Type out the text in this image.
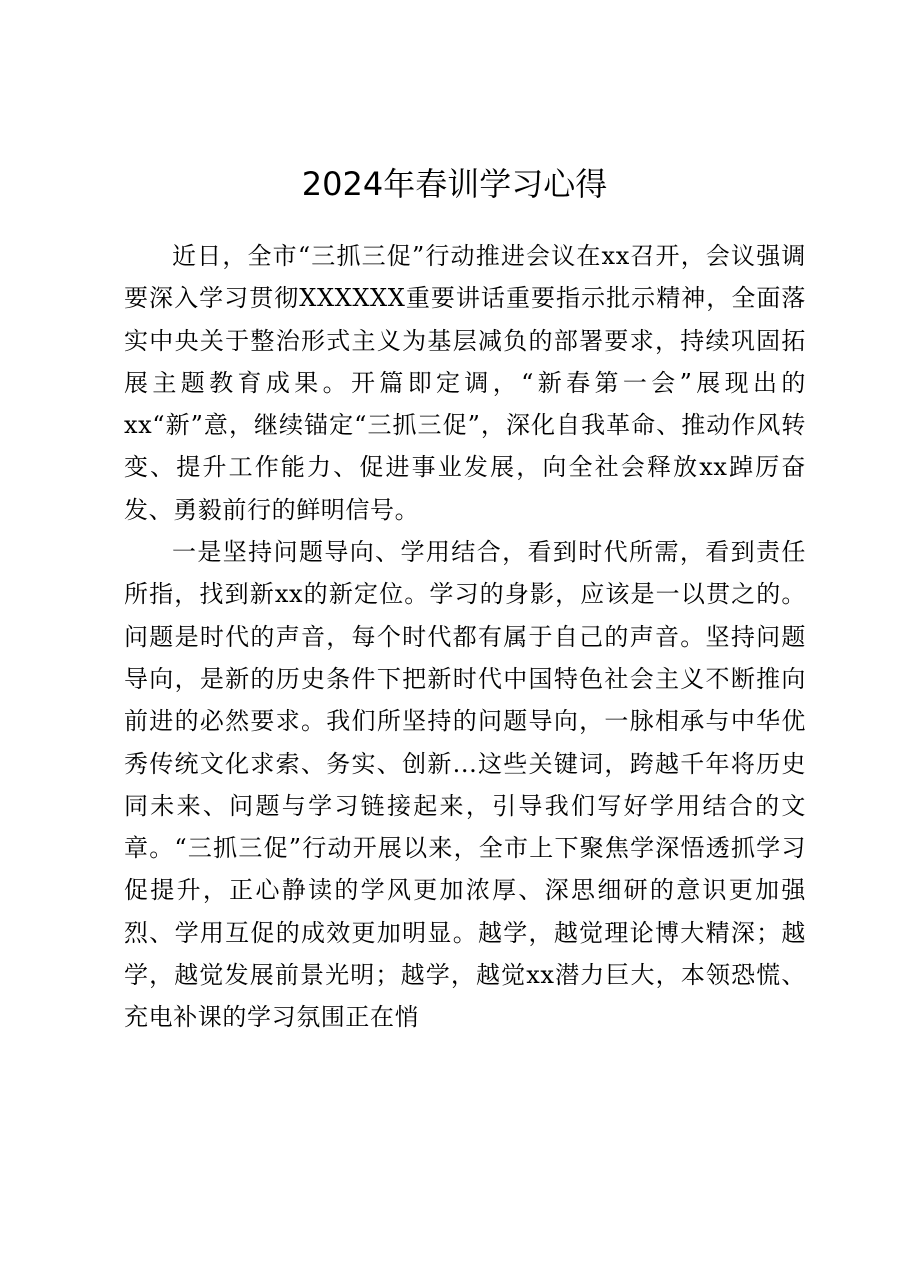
2024年春训学习心得

近日，全市“三抓三促”行动推进会议在xx召开，会议强调要深入学习贯彻XXXXXX重要讲话重要指示批示精神，全面落实中央关于整治形式主义为基层减负的部署要求，持续巩固拓展主题教育成果。开篇即定调，“新春第一会”展现出的xx“新”意，继续锚定“三抓三促”，深化自我革命、推动作风转变、提升工作能力、促进事业发展，向全社会释放xx踔厉奋发、勇毅前行的鲜明信号。

一是坚持问题导向、学用结合，看到时代所需，看到责任所指，找到新xx的新定位。学习的身影，应该是一以贯之的。问题是时代的声音，每个时代都有属于自己的声音。坚持问题导向，是新的历史条件下把新时代中国特色社会主义不断推向前进的必然要求。我们所坚持的问题导向，一脉相承与中华优秀传统文化求索、务实、创新...这些关键词，跨越千年将历史同未来、问题与学习链接起来，引导我们写好学用结合的文章。“三抓三促”行动开展以来，全市上下聚焦学深悟透抓学习促提升，正心静读的学风更加浓厚、深思细研的意识更加强烈、学用互促的成效更加明显。越学，越觉理论博大精深；越学，越觉发展前景光明；越学，越觉xx潜力巨大，本领恐慌、充电补课的学习氛围正在悄
